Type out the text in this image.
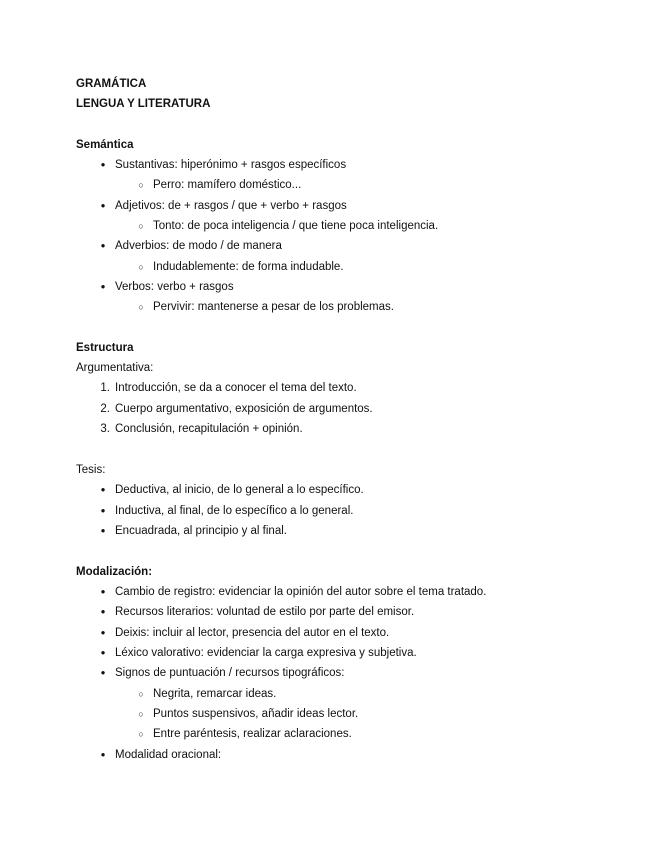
GRAMÁTICA
LENGUA Y LITERATURA
Semántica
● Sustantivas: hiperónimo + rasgos específicos
○ Perro: mamífero doméstico...
● Adjetivos: de + rasgos / que + verbo + rasgos
○ Tonto: de poca inteligencia / que tiene poca inteligencia.
● Adverbios: de modo / de manera
○ Indudablemente: de forma indudable.
● Verbos: verbo + rasgos
○ Pervivir: mantenerse a pesar de los problemas.
Estructura
Argumentativa:
1. Introducción, se da a conocer el tema del texto.
2. Cuerpo argumentativo, exposición de argumentos.
3. Conclusión, recapitulación + opinión.
Tesis:
● Deductiva, al inicio, de lo general a lo específico.
● Inductiva, al final, de lo específico a lo general.
● Encuadrada, al principio y al final.
Modalización:
● Cambio de registro: evidenciar la opinión del autor sobre el tema tratado.
● Recursos literarios: voluntad de estilo por parte del emisor.
● Deixis: incluir al lector, presencia del autor en el texto.
● Léxico valorativo: evidenciar la carga expresiva y subjetiva.
● Signos de puntuación / recursos tipográficos:
○ Negrita, remarcar ideas.
○ Puntos suspensivos, añadir ideas lector.
○ Entre paréntesis, realizar aclaraciones.
● Modalidad oracional:
